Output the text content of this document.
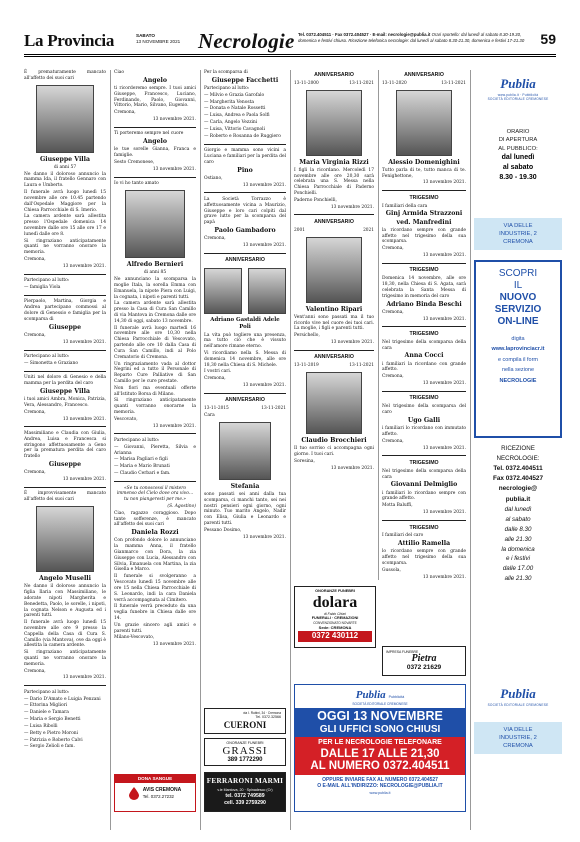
La Provincia	SABATO
13 NOVEMBRE 2021 Necrologie Tel. 0372.404511 · Fax 0372.404527 · E-mail: necrologie@publia.it Orari sportello: dal lunedì al sabato 8.30-19.30, domenica e festivi chiuso. Ricezione telefonica necrologie: dal lunedì al sabato 8.30-21.30, domenica e festivi 17-21.30 59

È prematuramente mancato all'affetto dei suoi cari

Giuseppe Villa

di anni 57

Ne danno il doloroso annuncio la mamma Ida, il fratello Gennaro con Laura e Umberto.

Il funerale avrà luogo lunedì 15 novembre alle ore 10.45 partendo dall'Ospedale Maggiore per la Chiesa Parrocchiale di S. Imerio.

La camera ardente sarà allestita presso l'Ospedale domenica 14 novembre dalle ore 15 alle ore 17 e lunedì dalle ore 8.

Si ringraziano anticipatamente quanti ne vorranno onorare la memoria.

Cremona,

13 novembre 2021.

Partecipano al lutto:

— famiglia Viola

Pierpaolo, Martina, Giorgia e Andrea partecipano commossi al dolore di Genessio e famiglia per la scomparsa di

Giuseppe

Cremona,

13 novembre 2021.

Partecipano al lutto:

— Simonetta e Graziano

Uniti nel dolore di Genesio e della mamma per la perdita del caro

Giuseppe Villa

i tuoi amici Ambra, Monica, Patrizia, Vera, Alessandro, Francesco.

Cremona,

13 novembre 2021.

Massimiliano e Claudia con Giulia, Andrea, Luisa e Francesca si stringono affettuosamente a Geno per la prematura perdita del caro fratello

Giuseppe

Cremona,

13 novembre 2021.

È improvvisamente mancato all'affetto dei suoi cari

Angelo Muselli

Ne danno il doloroso annuncio la figlia Ilaria con Massimiliano, le adorate nipoti Margherita e Benedetta, Paolo, le sorelle, i nipoti, la cognata Nelson e Augusta ed i parenti tutti.

Il funerale avrà luogo lunedì 15 novembre alle ore 9 presso la Cappella della Casa di Cura S. Camillo (via Mantova), ove da oggi è allestita la camera ardente.

Si ringraziano anticipatamente quanti ne vorranno onorare la memoria.

Cremona,

13 novembre 2021.

Partecipano al lutto:

— Dario D'Amato e Luigia Penzani

— Ettorina Migliori

— Daniele e Tamara

— Maria e Sergio Benetti

— Luisa Ribolli

— Betty e Pietro Moroni

— Patrizia e Roberto Calvi

— Sergio Zelioli e fam.

Ciao

Angelo

ti ricorderemo sempre. I tuoi amici Giuseppe, Francesco, Luciano, Ferdinando, Paolo, Giovanni, Vittorio, Mario, Silvano, Eugenio.

Cremona,

13 novembre 2021.

Ti porteremo sempre nel cuore

Angelo

le tue sorelle Gianna, Franca e famiglie.

Sesto Cremonese,

13 novembre 2021.

Io vi ho tanto amato

Alfredo Bernieri

di anni 85

Ne annunciano la scomparsa la moglie Itala, la sorella Emma con Emanuela, la nipote Piera con Luigi, la cognata, i nipoti e parenti tutti.

La camera ardente sarà allestita presso la Casa di Cura San Camillo di via Mantova in Cremona dalle ore 14,30 di oggi, sabato 13 novembre.

Il funerale avrà luogo martedì 16 novembre alle ore 10,30 nella Chiesa Parrocchiale di Vescovato, partendo alle ore 10 dalla Casa di Cura San Camillo, indi al Polo Crematorio di Cremona.

Un ringraziamento vada al dottor Negrini ed a tutto il Personale di Reparto Cure Palliative di San Camillo per le cure prestate.

Non fiori ma eventuali offerte all'Istituto Borsa di Milano.

Si ringraziano anticipatamente quanti vorranno onorarne la memoria.

Vescovato,

13 novembre 2021.

Partecipano al lutto:

— Giovanni, Pieretta, Silvia e Arianna

— Marisa Pagliari e figli

— Maria e Mario Brunati

— Claudio Cerbarì e fam.

«Se tu conoscessi il mistero immenso del Cielo dove ora vivo… tu non piangeresti per me.»

(S. Agostino)

Ciao, ragazzo coraggioso. Dopo tante sofferenze, è mancato all'affetto dei suoi cari

Daniela Rozzi

Con profondo dolore lo annunciano la mamma Anna, il fratello Gianmarco con Dora, la zia Giuseppe con Lucia, Alessandro con Silvia, Emanuela con Martina, la zia Gisella e Marco.

Il funerale si svolgeranno a Vescovato lunedì 15 novembre alle ore 15 nella Chiesa Parrocchiale di S. Leonardo, indi la cara Daniela verrà accompagnata al Cimitero.

Il funerale verrà preceduto da una veglia funebre in Chiesa dalle ore 14.

Un grazie sincero agli amici e parenti tutti.

Milano-Vescovato,

13 novembre 2021.

Per la scomparsa di

Giuseppe Facchetti

Partecipano al lutto:

— Milvio e Grazia Garofalo

— Margherita Venosta

— Donata e Natale Rossetti

— Luisa, Andrea e Paola Solfi

— Carla, Angelo Vezzini

— Luisa, Vittorio Cavagnoli

— Roberto e Rosanna de Ruggiero

Giorgio e mamma sono vicini a Luciana e familiari per la perdita del caro

Pino

Ostiano,

13 novembre 2021.

La Società Torrazzo è affettuosamente vicina a Maurizio, Giuseppe e loro cari colpiti dal grave lutto per la scomparsa del papà

Paolo Gambadoro

Cremona,

13 novembre 2021.

ANNIVERSARIO
Adriano Gastaldi Adele Poli

La vita può togliere una presenza, ma tutto ciò che è vissuto nell'amore rimane eterno.

Vi ricordiamo nella S. Messa di domenica 14 novembre, alle ore 18,30 nella Chiesa di S. Michele.

I vostri cari.

Cremona,

13 novembre 2021.

ANNIVERSARIO
13-11-2015	13-11-2021

Cara

Stefania

sono passati sei anni dalla tua scomparsa, ci manchi tanto, sei nei nostri pensieri ogni giorno, ogni minuto. Tuo marito Angelo, Nadir con Elisa, Giulia e Leonardo e parenti tutti.

Pessano Dosimo,

13 novembre 2021.

ANNIVERSARIO
13-11-2000	13-11-2021
Maria Virginia Rizzi

I figli la ricordano. Mercoledì 17 novembre alle ore 20,30 sarà celebrata una S. Messa nella Chiesa Parrocchiale di Paderno Ponchielli.

Paderno Ponchielli,

13 novembre 2021.

ANNIVERSARIO
2001	2021
Valentino Ripari

Vent'anni sono passati ma il tuo ricordo vive nel cuore dei tuoi cari. La moglie, i figli e parenti tutti.

Persichello,

13 novembre 2021.

ANNIVERSARIO
13-11-2019	13-11-2021
Claudio Brocchieri

Il tuo sorriso ci accompagna ogni giorno. I tuoi cari.

Soresina,

13 novembre 2021.

ANNIVERSARIO
13-11-2020	13-11-2021
Alessio Domenighini

Tutto parla di te, tutto manca di te. Fenighettone,

13 novembre 2021.

TRIGESIMO

I familiari della cara

Ginj Armida Strazzoni ved. Manfredini

la ricordano sempre con grande affetto nel trigesimo della sua scomparsa.

Cremona,

13 novembre 2021.

TRIGESIMO

Domenica 14 novembre, alle ore 18,30, nella Chiesa di S. Agata, sarà celebrata la Santa Messa di trigesimo in memoria del caro

Adriano Binda Beschi

Cremona,

13 novembre 2021.

TRIGESIMO

Nel trigesimo della scomparsa della cara

Anna Cocci

i familiari la ricordano con grande affetto.

Cremona,

13 novembre 2021.

TRIGESIMO

Nel trigesimo della scomparsa del caro

Ugo Galli

i familiari lo ricordano con immutato affetto.

Cremona,

13 novembre 2021.

TRIGESIMO

Nel trigesimo della scomparsa della cara

Giovanni Delmiglio

i familiari lo ricordano sempre con grande affetto.

Motta Baluffi,

13 novembre 2021.

TRIGESIMO

I familiari del caro

Attilio Ramella

lo ricordano sempre con grande affetto nel trigesimo della sua scomparsa.

Gussola,

13 novembre 2021.

ONORANZE FUNEBRI
dolara
di Fabio Chiari
FUNERALI · CREMAZIONI
CONVENZIONATO NOVARTE
Sede: CREMONA
0372 430112
IMPRESA FUNEBRE
Pietra
0372 21629
via I. Rubini, 34 · Cremona
Tel. 0372.32566
CUERONI
ONORANZE FUNEBRI
GRASSI
389 1772290
DONA SANGUE
AVIS CREMONA
Tel. 0372.27232
FERRARONI MARMI
v.le Mantova, 20 · Spinadesco (Cr)
tel. 0372 749589
cell. 339 2759290
Publia Pubblicità
SOCIETÀ EDITORIALE CREMONESE
OGGI 13 NOVEMBRE
GLI UFFICI SONO CHIUSI
PER LE NECROLOGIE TELEFONARE
DALLE 17 ALLE 21,30
AL NUMERO 0372.404511
OPPURE INVIARE FAX AL NUMERO 0372.404527
O E-MAIL ALL'INDIRIZZO: NECROLOGIE@PUBLIA.IT
www.publia.it
Publia
www.publia.it · Pubblicità
SOCIETÀ EDITORIALE CREMONESE
ORARIO
DI APERTURA
AL PUBBLICO:
dal lunedì
al sabato
8.30 - 19.30
VIA DELLE
INDUSTRIE, 2
CREMONA
SCOPRI
IL
NUOVO
SERVIZIO
ON-LINE
digita
www.laprovinciacr.it
e compila il form
nella sezione
NECROLOGIE
RICEZIONE
NECROLOGIE:
Tel. 0372.404511
Fax 0372.404527
necrologie@
publia.it
dal lunedì
al sabato
dalle 8.30
alle 21.30
la domenica
e i festivi
dalle 17.00
alle 21.30
Publia
SOCIETÀ EDITORIALE CREMONESE
VIA DELLE
INDUSTRIE, 2
CREMONA
